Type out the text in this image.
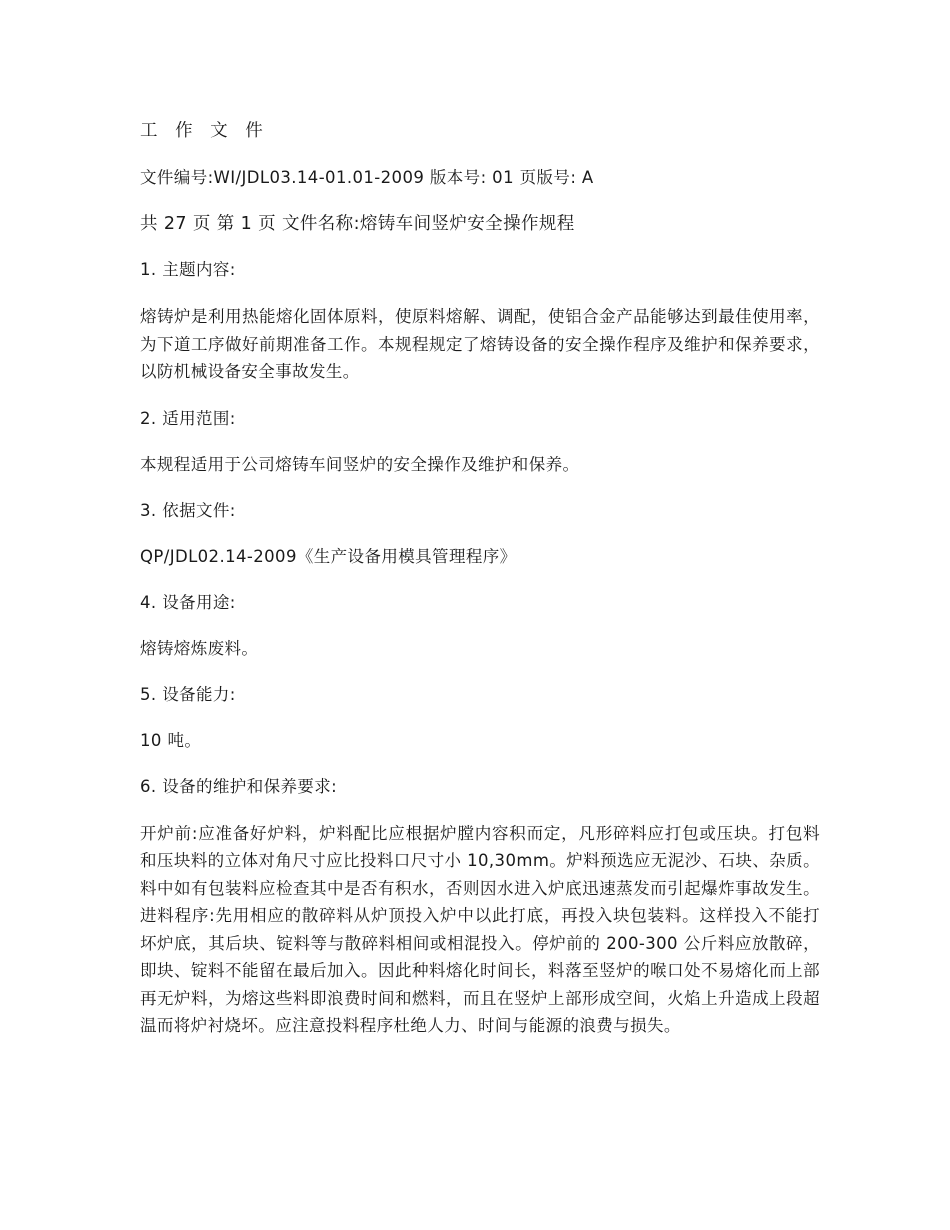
工 作 文 件

文件编号:WI/JDL03.14-01.01-2009 版本号: 01 页版号: A

共 27 页 第 1 页 文件名称:熔铸车间竖炉安全操作规程

1. 主题内容:

熔铸炉是利用热能熔化固体原料，使原料熔解、调配，使铝合金产品能够达到最佳使用率，为下道工序做好前期准备工作。本规程规定了熔铸设备的安全操作程序及维护和保养要求，以防机械设备安全事故发生。

2. 适用范围:

本规程适用于公司熔铸车间竖炉的安全操作及维护和保养。

3. 依据文件:

QP/JDL02.14-2009《生产设备用模具管理程序》

4. 设备用途:

熔铸熔炼废料。

5. 设备能力:

10 吨。

6. 设备的维护和保养要求:

开炉前:应准备好炉料，炉料配比应根据炉膛内容积而定，凡形碎料应打包或压块。打包料和压块料的立体对角尺寸应比投料口尺寸小 10,30mm。炉料预选应无泥沙、石块、杂质。料中如有包装料应检查其中是否有积水，否则因水进入炉底迅速蒸发而引起爆炸事故发生。 进料程序:先用相应的散碎料从炉顶投入炉中以此打底，再投入块包装料。这样投入不能打坏炉底，其后块、锭料等与散碎料相间或相混投入。停炉前的 200-300 公斤料应放散碎，即块、锭料不能留在最后加入。因此种料熔化时间长，料落至竖炉的喉口处不易熔化而上部再无炉料，为熔这些料即浪费时间和燃料，而且在竖炉上部形成空间，火焰上升造成上段超温而将炉衬烧坏。应注意投料程序杜绝人力、时间与能源的浪费与损失。
